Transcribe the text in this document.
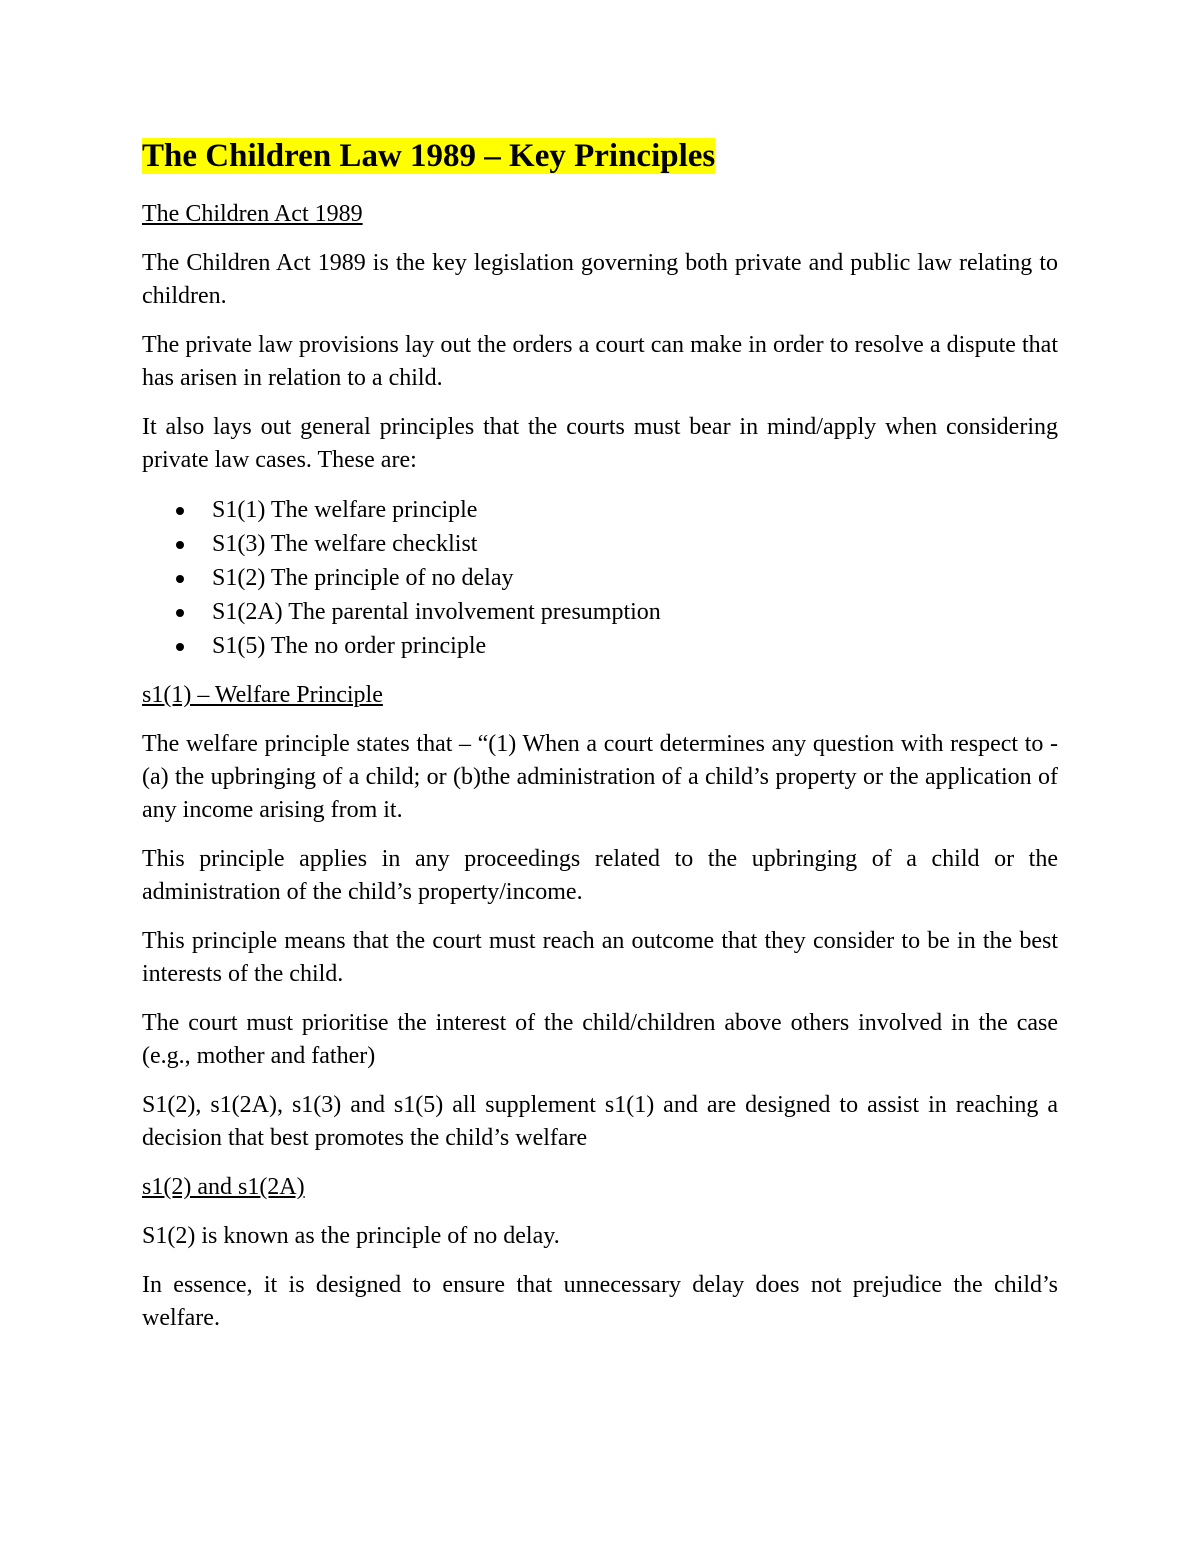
The Children Law 1989 – Key Principles
The Children Act 1989

The Children Act 1989 is the key legislation governing both private and public law relating to children.

The private law provisions lay out the orders a court can make in order to resolve a dispute that has arisen in relation to a child.

It also lays out general principles that the courts must bear in mind/apply when considering private law cases. These are:

S1(1) The welfare principle
S1(3) The welfare checklist
S1(2) The principle of no delay
S1(2A) The parental involvement presumption
S1(5) The no order principle
s1(1) – Welfare Principle

The welfare principle states that – “(1) When a court determines any question with respect to - (a) the upbringing of a child; or (b)the administration of a child’s property or the application of any income arising from it.

This principle applies in any proceedings related to the upbringing of a child or the administration of the child’s property/income.

This principle means that the court must reach an outcome that they consider to be in the best interests of the child.

The court must prioritise the interest of the child/children above others involved in the case (e.g., mother and father)

S1(2), s1(2A), s1(3) and s1(5) all supplement s1(1) and are designed to assist in reaching a decision that best promotes the child’s welfare

s1(2) and s1(2A)

S1(2) is known as the principle of no delay.

In essence, it is designed to ensure that unnecessary delay does not prejudice the child’s welfare.
